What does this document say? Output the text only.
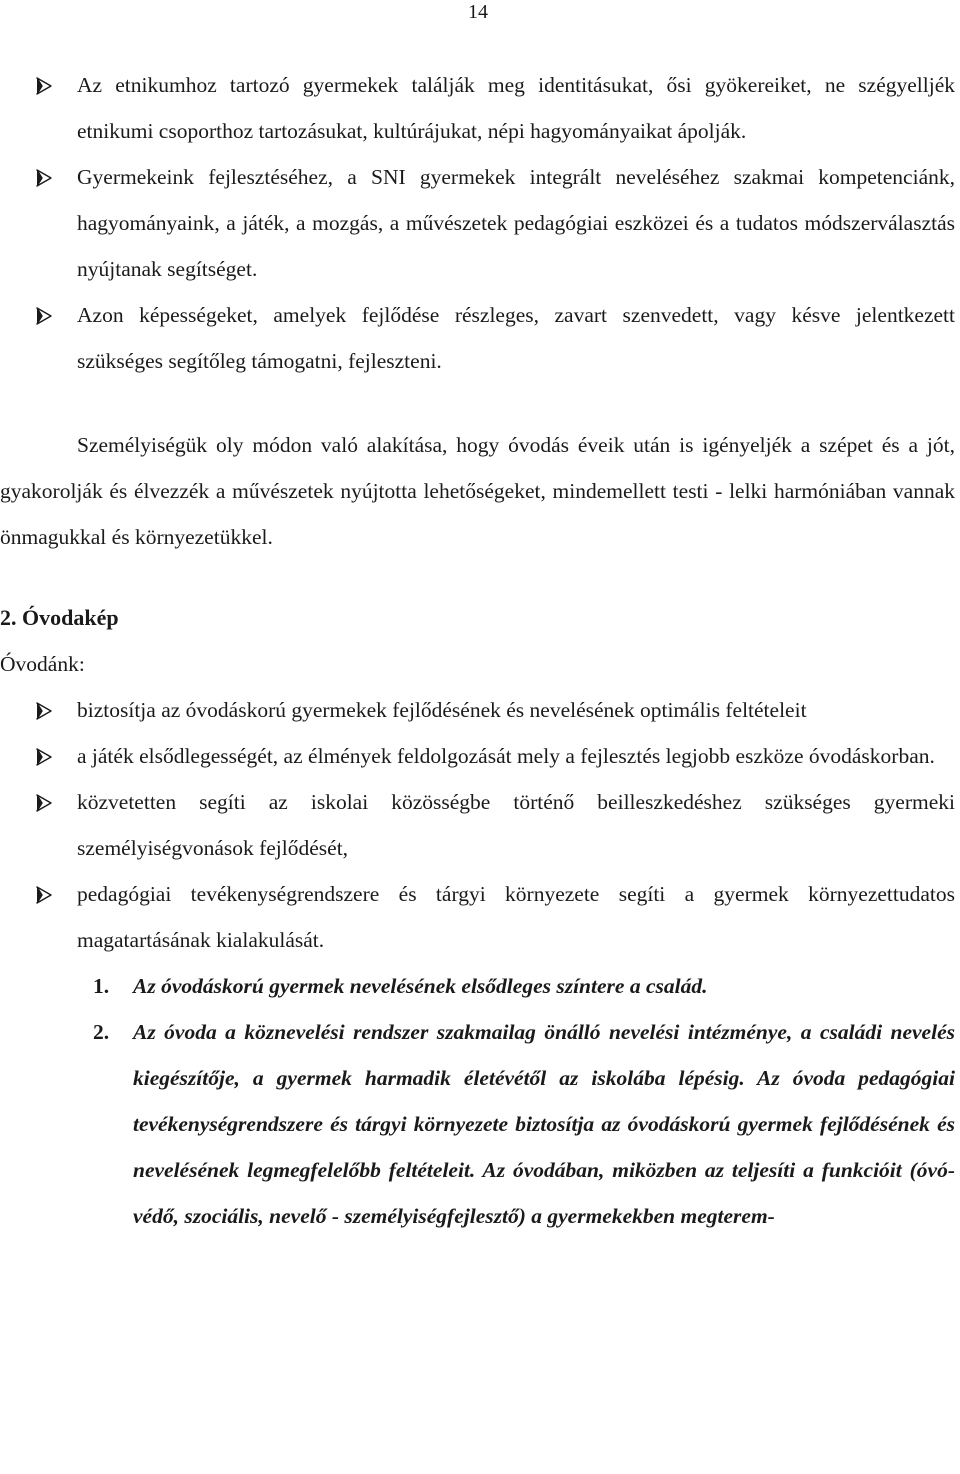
14
Az etnikumhoz tartozó gyermekek találják meg identitásukat, ősi gyökereiket, ne szégyelljék etnikumi csoporthoz tartozásukat, kultúrájukat, népi hagyományaikat ápolják.
Gyermekeink fejlesztéséhez, a SNI gyermekek integrált neveléséhez szakmai kompetenciánk, hagyományaink, a játék, a mozgás, a művészetek pedagógiai eszközei és a tudatos módszerválasztás nyújtanak segítséget.
Azon képességeket, amelyek fejlődése részleges, zavart szenvedett, vagy késve jelentkezett szükséges segítőleg támogatni, fejleszteni.

Személyiségük oly módon való alakítása, hogy óvodás éveik után is igényeljék a szépet és a jót, gyakorolják és élvezzék a művészetek nyújtotta lehetőségeket, mindemellett testi - lelki harmóniában vannak önmagukkal és környezetükkel.

2. Óvodakép

Óvodánk:

biztosítja az óvodáskorú gyermekek fejlődésének és nevelésének optimális feltételeit
a játék elsődlegességét, az élmények feldolgozását mely a fejlesztés legjobb eszköze óvodáskorban.
közvetetten segíti az iskolai közösségbe történő beilleszkedéshez szükséges gyermeki személyiségvonások fejlődését,
pedagógiai tevékenységrendszere és tárgyi környezete segíti a gyermek környezettudatos magatartásának kialakulását.
1. Az óvodáskorú gyermek nevelésének elsődleges színtere a család.
2. Az óvoda a köznevelési rendszer szakmailag önálló nevelési intézménye, a családi nevelés kiegészítője, a gyermek harmadik életévétől az iskolába lépésig. Az óvoda pedagógiai tevékenységrendszere és tárgyi környezete biztosítja az óvodáskorú gyermek fejlődésének és nevelésének legmegfelelőbb feltételeit. Az óvodában, miközben az teljesíti a funkcióit (óvó- védő, szociális, nevelő - személyiségfejlesztő) a gyermekekben megterem-
